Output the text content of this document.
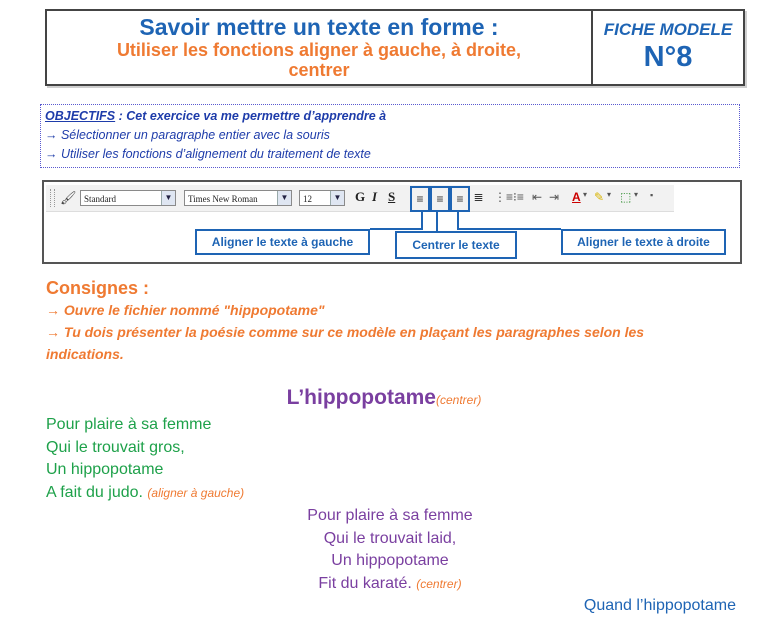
Savoir mettre un texte en forme :
Utiliser les fonctions aligner à gauche, à droite,
centrer
FICHE MODELE
N°8
OBJECTIFS : Cet exercice va me permettre d’apprendre à
→ Sélectionner un paragraphe entier avec la souris
→ Utiliser les fonctions d’alignement du traitement de texte
🖌 Standard	▼	Times New Roman	▼	12	▼ G I S	≡	≡	≡ ≣ ⋮≡ ⁝≡ ⇤ ⇥ A ▾ ✎ ▾ ⬚ ▾ ▪
Aligner le texte à gauche	Centrer le texte	Aligner le texte à droite
Consignes :
→ Ouvre le fichier nommé "hippopotame"
→ Tu dois présenter la poésie comme sur ce modèle en plaçant les paragraphes selon les
indications.
L’hippopotame(centrer)
Pour plaire à sa femme
Qui le trouvait gros,
Un hippopotame
A fait du judo. (aligner à gauche)
Pour plaire à sa femme
Qui le trouvait laid,
Un hippopotame
Fit du karaté. (centrer)
Quand l’hippopotame
